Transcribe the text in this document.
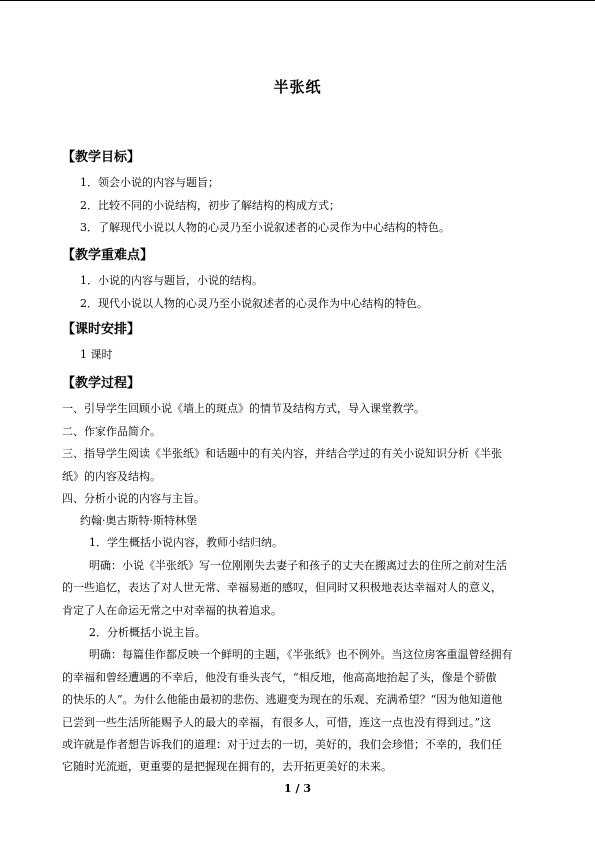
半张纸
【教学目标】
1．领会小说的内容与题旨；
2．比较不同的小说结构，初步了解结构的构成方式；
3．了解现代小说以人物的心灵乃至小说叙述者的心灵作为中心结构的特色。
【教学重难点】
1．小说的内容与题旨，小说的结构。
2．现代小说以人物的心灵乃至小说叙述者的心灵作为中心结构的特色。
【课时安排】
1 课时
【教学过程】
一、引导学生回顾小说《墙上的斑点》的情节及结构方式，导入课堂教学。
二、作家作品简介。
三、指导学生阅读《半张纸》和话题中的有关内容，并结合学过的有关小说知识分析《半张
纸》的内容及结构。
四、分析小说的内容与主旨。
约翰·奥古斯特·斯特林堡
1．学生概括小说内容，教师小结归纳。
明确：小说《半张纸》写一位刚刚失去妻子和孩子的丈夫在搬离过去的住所之前对生活
的一些追忆，表达了对人世无常、幸福易逝的感叹，但同时又积极地表达幸福对人的意义，
肯定了人在命运无常之中对幸福的执着追求。
2．分析概括小说主旨。
明确：每篇佳作都反映一个鲜明的主题，《半张纸》也不例外。当这位房客重温曾经拥有
的幸福和曾经遭遇的不幸后，他没有垂头丧气，“相反地，他高高地抬起了头，像是个骄傲
的快乐的人”。为什么他能由最初的悲伤、逃避变为现在的乐观、充满希望？“因为他知道他
已尝到一些生活所能赐予人的最大的幸福，有很多人，可惜，连这一点也没有得到过。”这
或许就是作者想告诉我们的道理：对于过去的一切，美好的，我们会珍惜；不幸的，我们任
它随时光流逝，更重要的是把握现在拥有的，去开拓更美好的未来。
1 / 3
